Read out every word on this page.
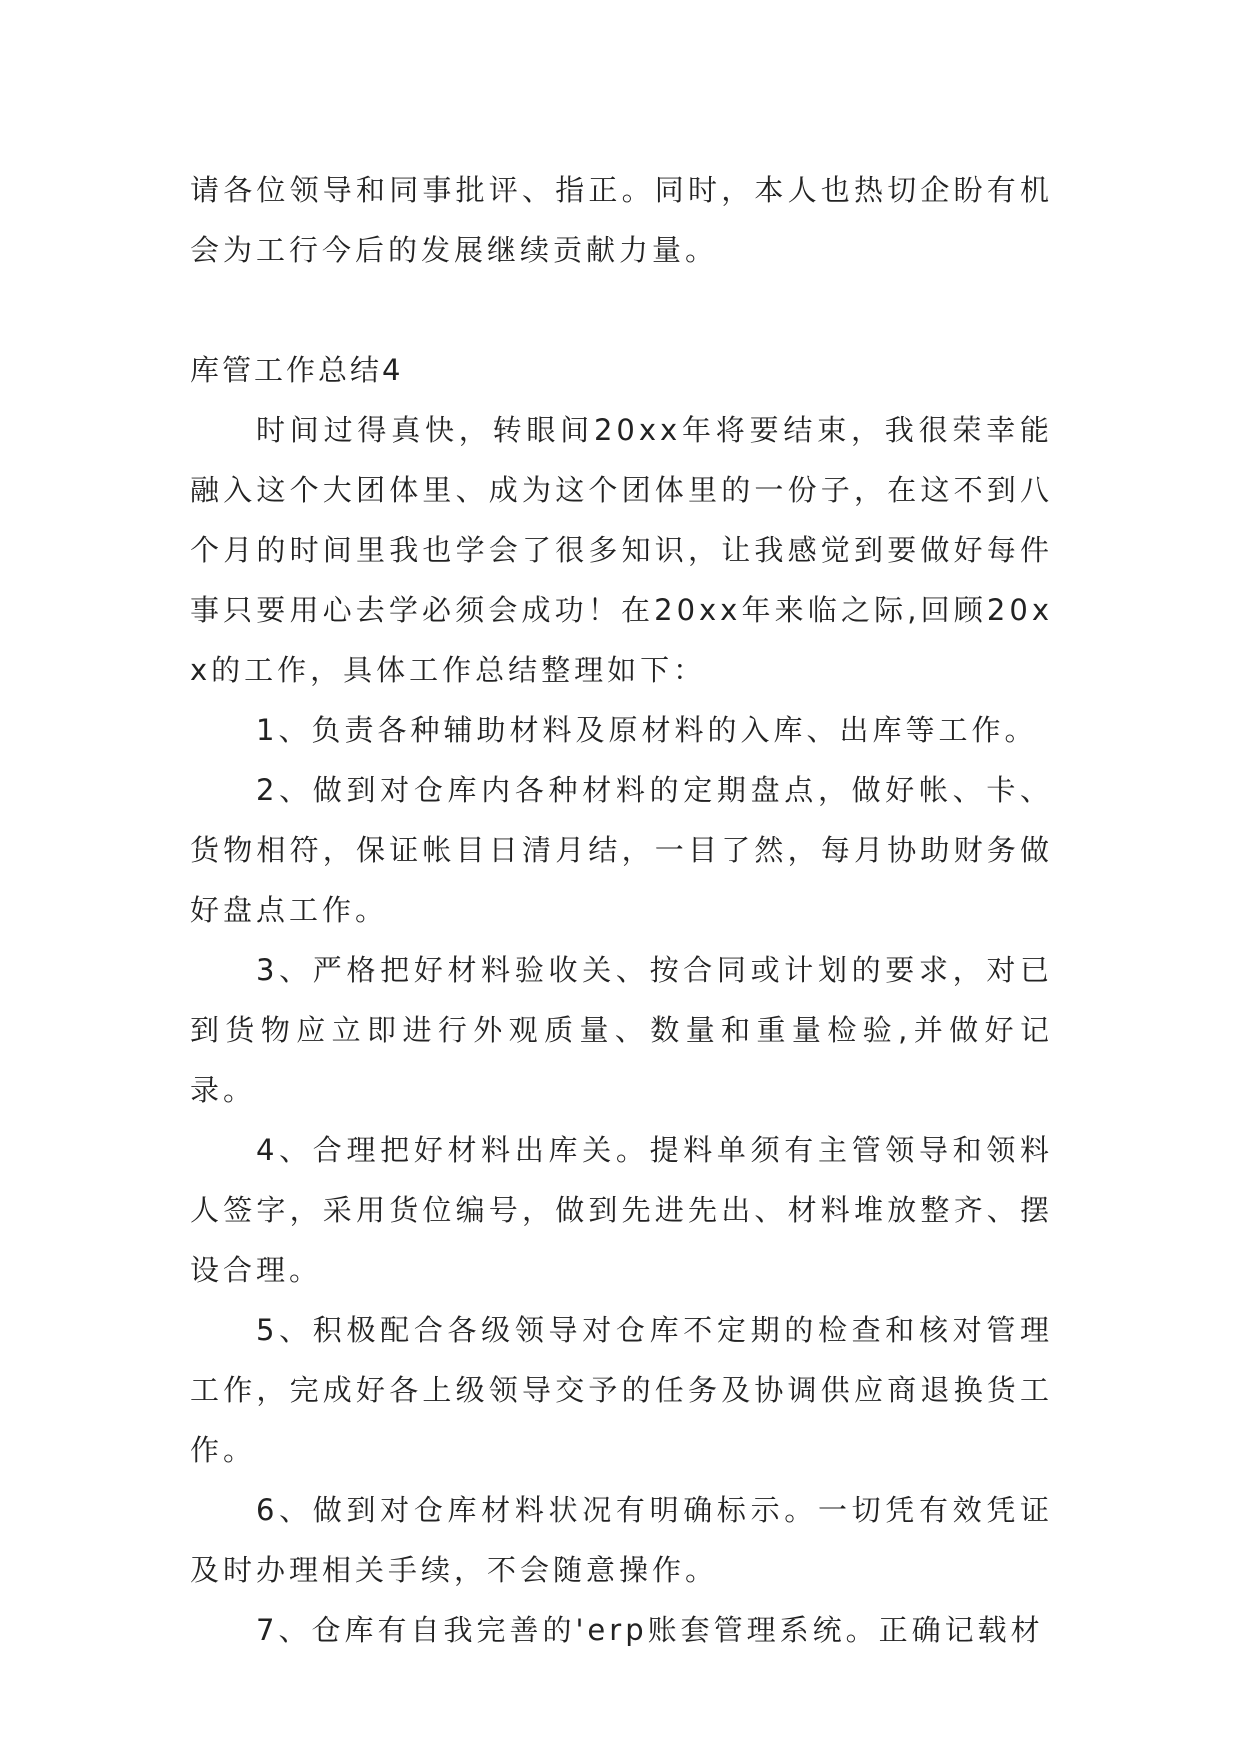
请各位领导和同事批评、指正。同时，本人也热切企盼有机会为工行今后的发展继续贡献力量。

库管工作总结4

时间过得真快，转眼间20xx年将要结束，我很荣幸能融入这个大团体里、成为这个团体里的一份子，在这不到八个月的时间里我也学会了很多知识，让我感觉到要做好每件事只要用心去学必须会成功！在20xx年来临之际,回顾20xx的工作，具体工作总结整理如下：

1、负责各种辅助材料及原材料的入库、出库等工作。

2、做到对仓库内各种材料的定期盘点，做好帐、卡、货物相符，保证帐目日清月结，一目了然，每月协助财务做好盘点工作。

3、严格把好材料验收关、按合同或计划的要求，对已到货物应立即进行外观质量、数量和重量检验,并做好记录。

4、合理把好材料出库关。提料单须有主管领导和领料人签字，采用货位编号，做到先进先出、材料堆放整齐、摆设合理。

5、积极配合各级领导对仓库不定期的检查和核对管理工作，完成好各上级领导交予的任务及协调供应商退换货工作。

6、做到对仓库材料状况有明确标示。一切凭有效凭证及时办理相关手续，不会随意操作。

7、仓库有自我完善的'erp账套管理系统。正确记载材
